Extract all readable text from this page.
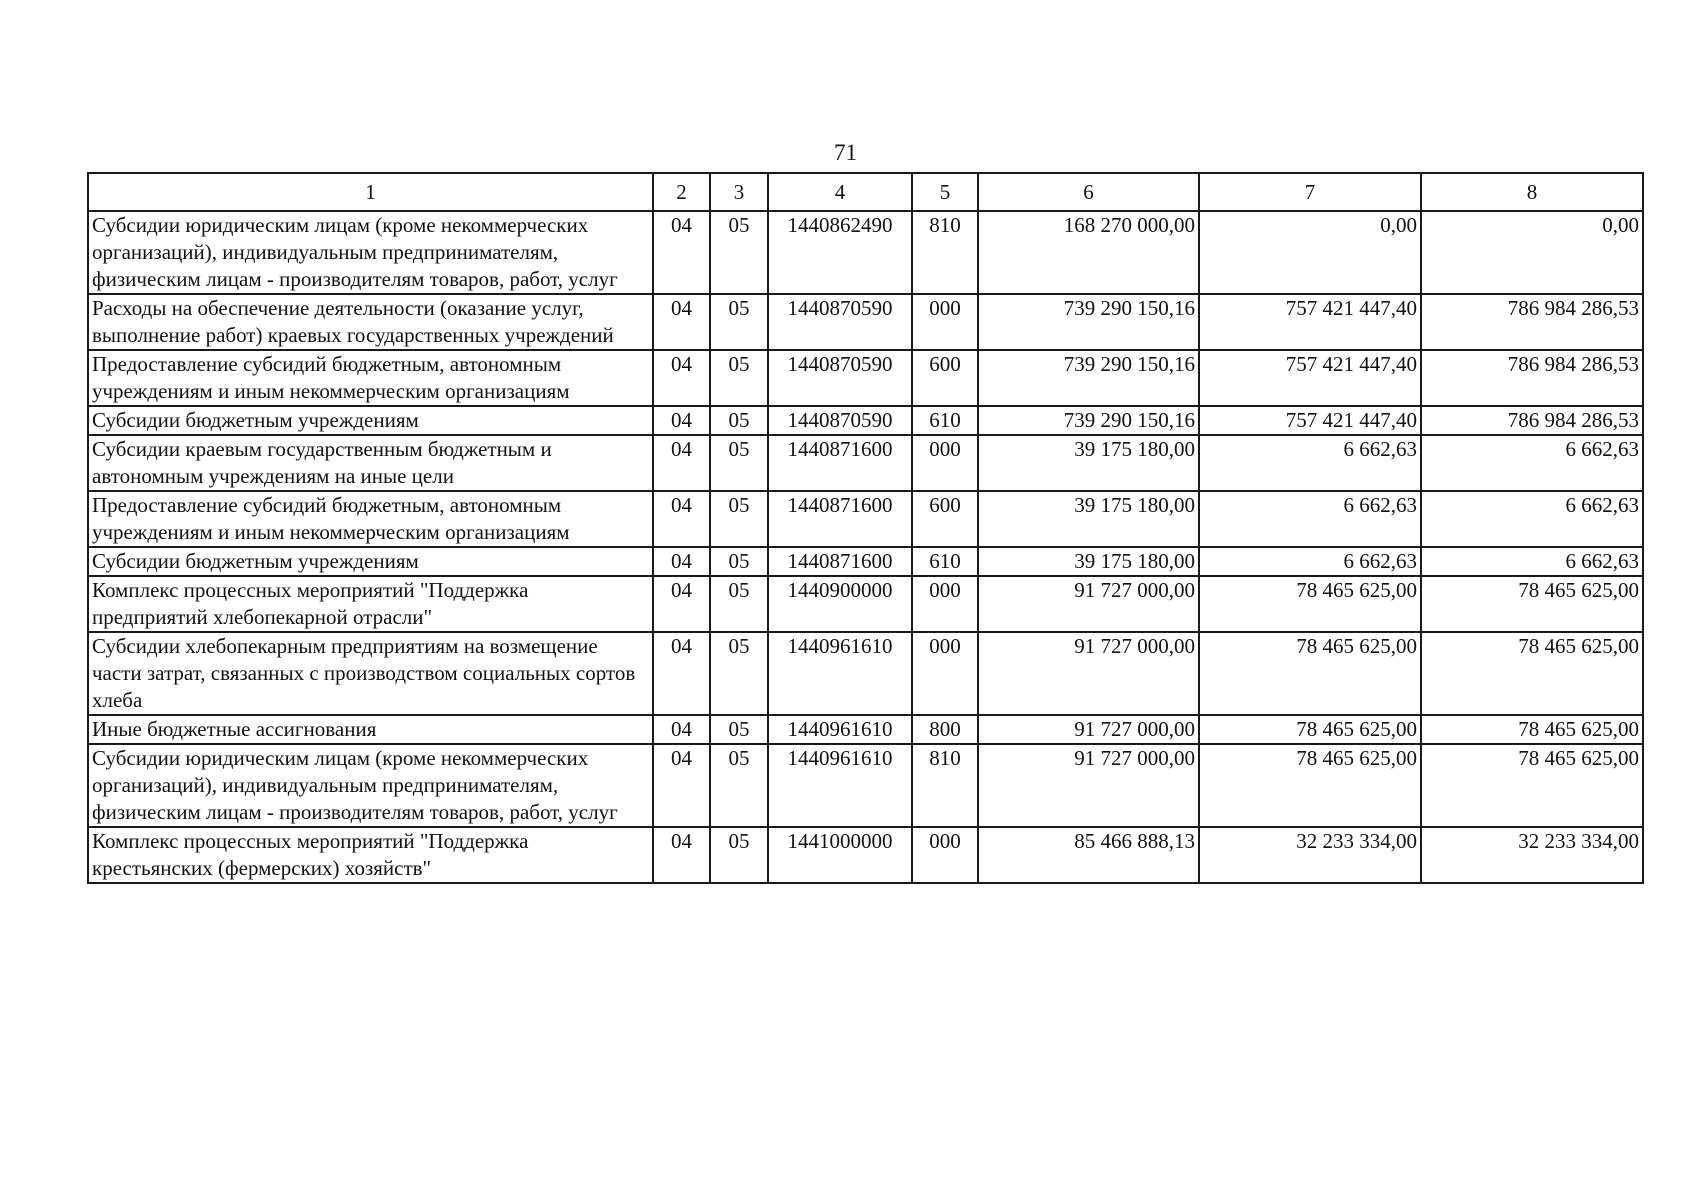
71
1	2	3	4	5	6	7	8
Субсидии юридическим лицам (кроме некоммерческих организаций), индивидуальным предпринимателям, физическим лицам - производителям товаров, работ, услуг	04	05	1440862490	810	168 270 000,00	0,00	0,00
Расходы на обеспечение деятельности (оказание услуг, выполнение работ) краевых государственных учреждений	04	05	1440870590	000	739 290 150,16	757 421 447,40	786 984 286,53
Предоставление субсидий бюджетным, автономным учреждениям и иным некоммерческим организациям	04	05	1440870590	600	739 290 150,16	757 421 447,40	786 984 286,53
Субсидии бюджетным учреждениям	04	05	1440870590	610	739 290 150,16	757 421 447,40	786 984 286,53
Субсидии краевым государственным бюджетным и автономным учреждениям на иные цели	04	05	1440871600	000	39 175 180,00	6 662,63	6 662,63
Предоставление субсидий бюджетным, автономным учреждениям и иным некоммерческим организациям	04	05	1440871600	600	39 175 180,00	6 662,63	6 662,63
Субсидии бюджетным учреждениям	04	05	1440871600	610	39 175 180,00	6 662,63	6 662,63
Комплекс процессных мероприятий "Поддержка предприятий хлебопекарной отрасли"	04	05	1440900000	000	91 727 000,00	78 465 625,00	78 465 625,00
Субсидии хлебопекарным предприятиям на возмещение части затрат, связанных с производством социальных сортов хлеба	04	05	1440961610	000	91 727 000,00	78 465 625,00	78 465 625,00
Иные бюджетные ассигнования	04	05	1440961610	800	91 727 000,00	78 465 625,00	78 465 625,00
Субсидии юридическим лицам (кроме некоммерческих организаций), индивидуальным предпринимателям, физическим лицам - производителям товаров, работ, услуг	04	05	1440961610	810	91 727 000,00	78 465 625,00	78 465 625,00
Комплекс процессных мероприятий "Поддержка крестьянских (фермерских) хозяйств"	04	05	1441000000	000	85 466 888,13	32 233 334,00	32 233 334,00
